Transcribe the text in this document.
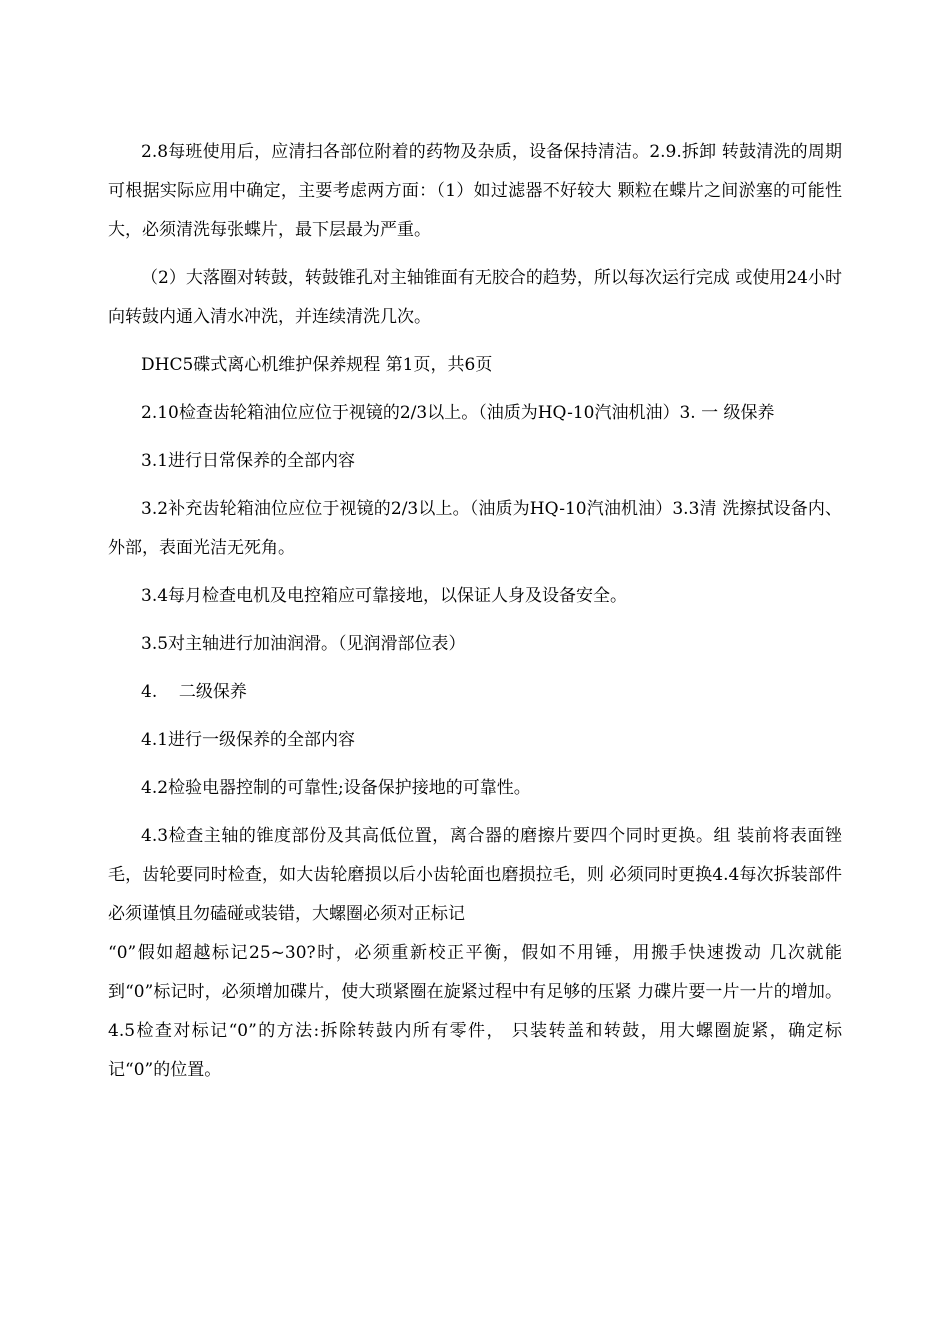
2.8每班使用后，应清扫各部位附着的药物及杂质，设备保持清洁。2.9.拆卸 转鼓清洗的周期可根据实际应用中确定，主要考虑两方面：（1）如过滤器不好较大 颗粒在蝶片之间淤塞的可能性大，必须清洗每张蝶片，最下层最为严重。

（2）大落圈对转鼓，转鼓锥孔对主轴锥面有无胶合的趋势，所以每次运行完成 或使用24小时向转鼓内通入清水冲洗，并连续清洗几次。

DHC5碟式离心机维护保养规程 第1页，共6页

2.10检查齿轮箱油位应位于视镜的2/3以上。（油质为HQ-10汽油机油）3. 一 级保养

3.1进行日常保养的全部内容

3.2补充齿轮箱油位应位于视镜的2/3以上。（油质为HQ-10汽油机油）3.3清 洗擦拭设备内、外部，表面光洁无死角。

3.4每月检查电机及电控箱应可靠接地，以保证人身及设备安全。

3.5对主轴进行加油润滑。（见润滑部位表）

4.    二级保养

4.1进行一级保养的全部内容

4.2检验电器控制的可靠性;设备保护接地的可靠性。

4.3检查主轴的锥度部份及其高低位置，离合器的磨擦片要四个同时更换。组 装前将表面锉毛，齿轮要同时检查，如大齿轮磨损以后小齿轮面也磨损拉毛，则 必须同时更换4.4每次拆装部件必须谨慎且勿磕碰或装错，大螺圈必须对正标记

“0”假如超越标记25~30?时，必须重新校正平衡，假如不用锤，用搬手快速拨动 几次就能到“0”标记时，必须增加碟片，使大琐紧圈在旋紧过程中有足够的压紧 力碟片要一片一片的增加。4.5检查对标记“0”的方法:拆除转鼓内所有零件， 只装转盖和转鼓，用大螺圈旋紧，确定标记“0”的位置。
